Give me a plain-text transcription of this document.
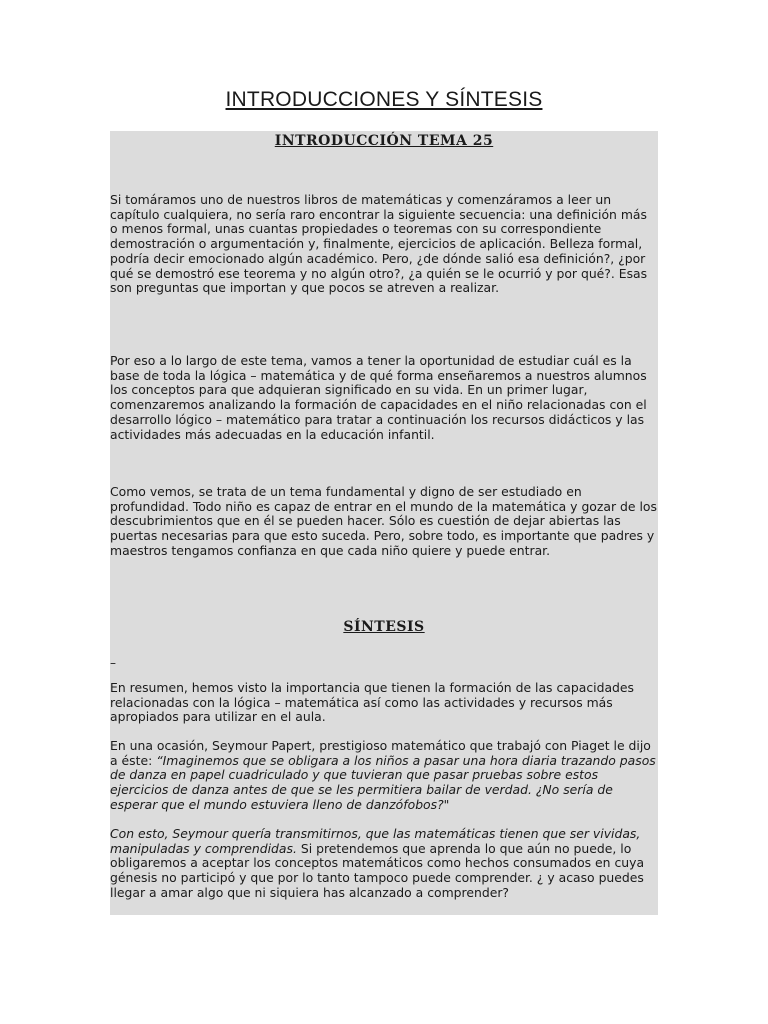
INTRODUCCIONES Y SÍNTESIS
INTRODUCCIÓN TEMA 25

Si tomáramos uno de nuestros libros de matemáticas y comenzáramos a leer un capítulo cualquiera, no sería raro encontrar la siguiente secuencia: una definición más o menos formal, unas cuantas propiedades o teoremas con su correspondiente demostración o argumentación y, finalmente, ejercicios de aplicación. Belleza formal, podría decir emocionado algún académico. Pero, ¿de dónde salió esa definición?, ¿por qué se demostró ese teorema y no algún otro?, ¿a quién se le ocurrió y por qué?. Esas son preguntas que importan y que pocos se atreven a realizar.

Por eso a lo largo de este tema, vamos a tener la oportunidad de estudiar cuál es la base de toda la lógica – matemática y de qué forma enseñaremos a nuestros alumnos los conceptos para que adquieran significado en su vida. En un primer lugar, comenzaremos analizando la formación de capacidades en el niño relacionadas con el desarrollo lógico – matemático para tratar a continuación los recursos didácticos y las actividades más adecuadas en la educación infantil.

Como vemos, se trata de un tema fundamental y digno de ser estudiado en profundidad. Todo niño es capaz de entrar en el mundo de la matemática y gozar de los descubrimientos que en él se pueden hacer. Sólo es cuestión de dejar abiertas las puertas necesarias para que esto suceda. Pero, sobre todo, es importante que padres y maestros tengamos confianza en que cada niño quiere y puede entrar.

SÍNTESIS
–

En resumen, hemos visto la importancia que tienen la formación de las capacidades relacionadas con la lógica – matemática así como las actividades y recursos más apropiados para utilizar en el aula.

En una ocasión, Seymour Papert, prestigioso matemático que trabajó con Piaget le dijo a éste: “Imaginemos que se obligara a los niños a pasar una hora diaria trazando pasos de danza en papel cuadriculado y que tuvieran que pasar pruebas sobre estos ejercicios de danza antes de que se les permitiera bailar de verdad. ¿No sería de esperar que el mundo estuviera lleno de danzófobos?"

Con esto, Seymour quería transmitirnos, que las matemáticas tienen que ser vividas, manipuladas y comprendidas. Si pretendemos que aprenda lo que aún no puede, lo obligaremos a aceptar los conceptos matemáticos como hechos consumados en cuya génesis no participó y que por lo tanto tampoco puede comprender. ¿ y acaso puedes llegar a amar algo que ni siquiera has alcanzado a comprender?
